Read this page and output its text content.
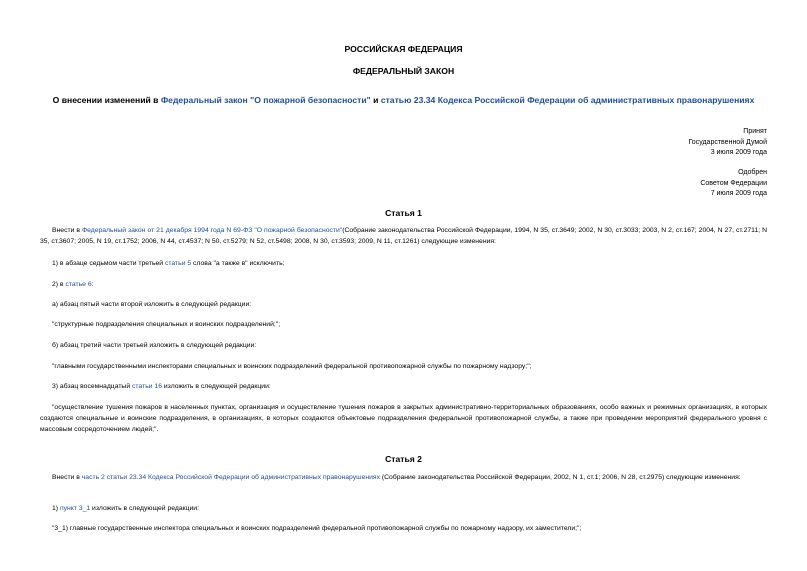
РОССИЙСКАЯ ФЕДЕРАЦИЯ

ФЕДЕРАЛЬНЫЙ ЗАКОН

О внесении изменений в Федеральный закон "О пожарной безопасности" и статью 23.34 Кодекса Российской Федерации об административных правонарушениях

Принят
Государственной Думой
3 июля 2009 года
Одобрен
Советом Федерации
7 июля 2009 года

Статья 1

Внести в Федеральный закон от 21 декабря 1994 года N 69-ФЗ "О пожарной безопасности"(Собрание законодательства Российской Федерации, 1994, N 35, ст.3649; 2002, N 30, ст.3033; 2003, N 2, ст.167; 2004, N 27, ст.2711; N 35, ст.3607; 2005, N 19, ст.1752; 2006, N 44, ст.4537; N 50, ст.5279; N 52, ст.5498; 2008, N 30, ст.3593; 2009, N 11, ст.1261) следующие изменения:

1) в абзаце седьмом части третьей статьи 5 слова "а также в" исключить;

2) в статье 6:

а) абзац пятый части второй изложить в следующей редакции:

"структурные подразделения специальных и воинских подразделений;";

б) абзац третий части третьей изложить в следующей редакции:

"главными государственными инспекторами специальных и воинских подразделений федеральной противопожарной службы по пожарному надзору;";

3) абзац восемнадцатый статьи 16 изложить в следующей редакции:

"осуществление тушения пожаров в населенных пунктах, организация и осуществление тушения пожаров в закрытых административно-территориальных образованиях, особо важных и режимных организациях, в которых создаются специальные и воинские подразделения, в организациях, в которых создаются объектовые подразделения федеральной противопожарной службы, а также при проведении мероприятий федерального уровня с массовым сосредоточением людей;".

Статья 2

Внести в часть 2 статьи 23.34 Кодекса Российской Федерации об административных правонарушениях (Собрание законодательства Российской Федерации, 2002, N 1, ст.1; 2006, N 28, ст.2975) следующие изменения:

1) пункт 3_1 изложить в следующей редакции:

"3_1) главные государственные инспектора специальных и воинских подразделений федеральной противопожарной службы по пожарному надзору, их заместители;";
